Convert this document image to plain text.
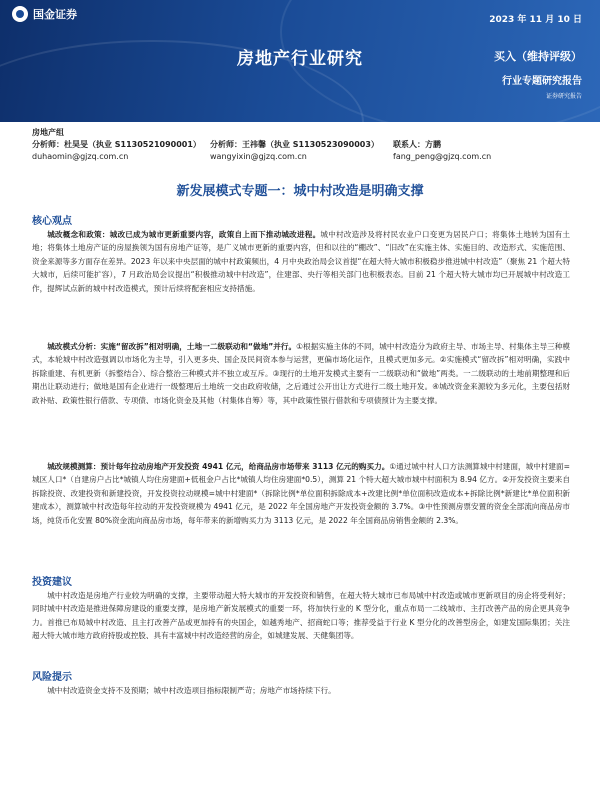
国金证券	2023 年 11 月 10 日
房地产行业研究	买入（维持评级）
行业专题研究报告
证券研究报告
房地产组
分析师：杜昊旻（执业 S1130521090001）	分析师：王祎馨（执业 S1130523090003）	联系人：方鹏
duhaomin@gjzq.com.cn	wangyixin@gjzq.com.cn	fang_peng@gjzq.com.cn
新发展模式专题一：城中村改造是明确支撑
核心观点

城改概念和政策：城改已成为城市更新重要内容，政策自上而下推动城改进程。城中村改造涉及将村民农业户口变更为居民户口；将集体土地转为国有土地；将集体土地房产证的房屋换领为国有房地产证等，是广义城市更新的重要内容，但和以往的“棚改”、“旧改”在实施主体、实施目的、改造形式、实施范围、资金来源等多方面存在差异。2023 年以来中央层面的城中村政策频出，4 月中央政治局会议首提“在超大特大城市积极稳步推进城中村改造”（聚焦 21 个超大特大城市，后续可能扩容），7 月政治局会议提出“积极推动城中村改造”，住建部、央行等相关部门也积极表态。目前 21 个超大特大城市均已开展城中村改造工作，提辉试点新的城中村改造模式，预计后续将配套相应支持措施。

城改模式分析：实施“留改拆”相对明确，土地一二级联动和“做地”并行。①根据实施主体的不同，城中村改造分为政府主导、市场主导、村集体主导三种模式，本轮城中村改造强调以市场化为主导，引入更多央、国企及民间资本参与运营，更偏市场化运作，且模式更加多元。②实施模式“留改拆”相对明确，实践中拆除重建、有机更新（拆整结合）、综合整治三种模式并不独立或互斥。③现行的土地开发模式主要有一二级联动和“做地”两类。一二级联动的土地前期整理和后期出让联动进行；做地是国有企业进行一级整理后土地统一交由政府收储，之后通过公开出让方式进行二级土地开发。④城改资金来源较为多元化，主要包括财政补贴、政策性银行借款、专项债、市场化资金及其他（村集体自筹）等，其中政策性银行借款和专项债预计为主要支撑。

城改规模测算：预计每年拉动房地产开发投资 4941 亿元，给商品房市场带来 3113 亿元的购买力。①通过城中村人口方法测算城中村建面，城中村建面=城区人口*（自建房户占比*城镇人均住房建面+低租金户占比*城镇人均住房建面*0.5），测算 21 个特大超大城市城中村面积为 8.94 亿方。②开发投资主要来自拆除投资、改建投资和新建投资，开发投资拉动规模=城中村建面*（拆除比例*单位面积拆除成本+改建比例*单位面积改造成本+拆除比例*新建比*单位面积新建成本），测算城中村改造每年拉动的开发投资规模为 4941 亿元，是 2022 年全国房地产开发投资金额的 3.7%。③中性预测房票安置的资金全部流向商品房市场，纯货币化安置 80%资金流向商品房市场，每年带来的新增购买力为 3113 亿元，是 2022 年全国商品房销售金额的 2.3%。

投资建议

城中村改造是房地产行业较为明确的支撑，主要带动超大特大城市的开发投资和销售，在超大特大城市已布局城中村改造或城市更新项目的房企将受利好；同时城中村改造是推进保障房建设的重要支撑，是房地产新发展模式的重要一环，将加快行业的 K 型分化，重点布局一二线城市、主打改善产品的房企更具竞争力。首推已布局城中村改造、且主打改善产品或更加持有的央国企，如越秀地产、招商蛇口等；推荐受益于行业 K 型分化的改善型房企，如建发国际集团；关注超大特大城市地方政府持股或控股、具有丰富城中村改造经营的房企，如城建发展、天健集团等。

风险提示

城中村改造资金支持不及预期；城中村改造项目指标限制严苛；房地产市场持续下行。
